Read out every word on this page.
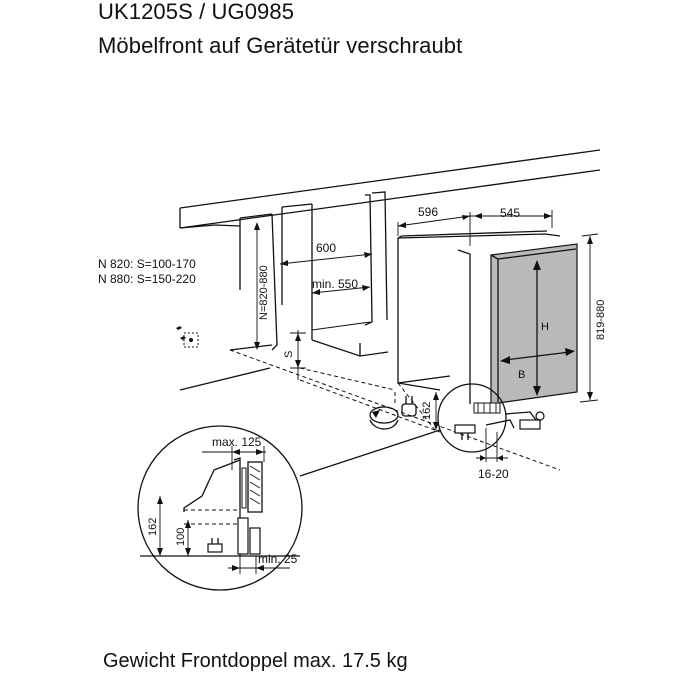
UK1205S / UG0985
Möbelfront auf Gerätetür verschraubt
H
B
596	545
600
min. 550
N=820-880
N 820: S=100-170
N 880: S=150-220
S
162
16-20
819-880
max. 125
162
100
min. 25
Gewicht Frontdoppel max. 17.5 kg
